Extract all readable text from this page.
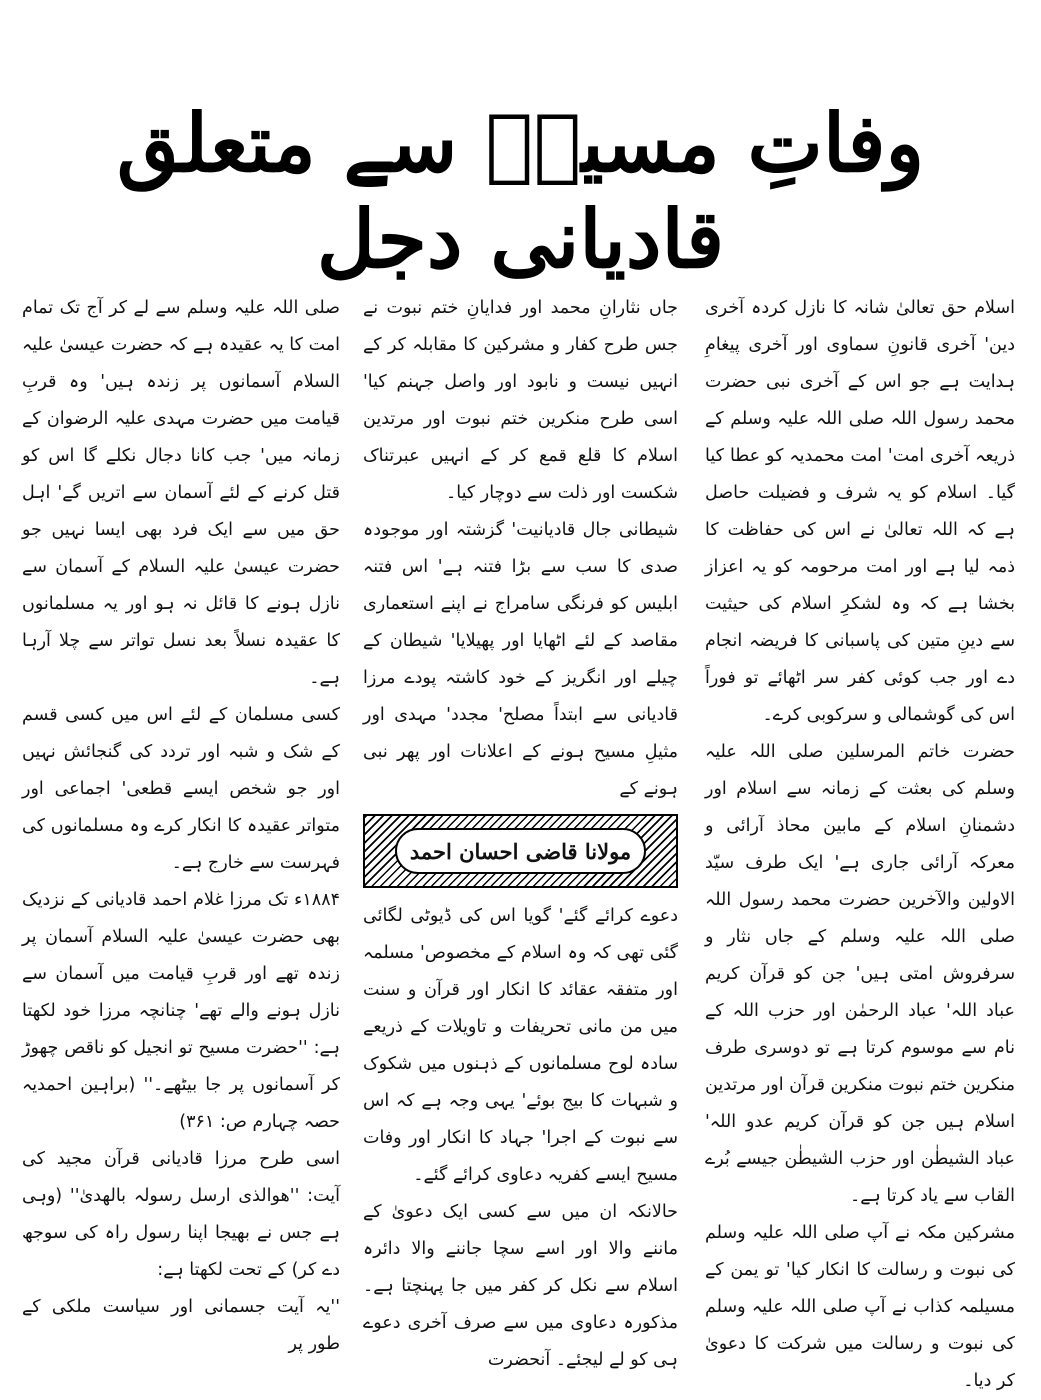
وفاتِ مسیحؑ سے متعلق قادیانی دجل

اسلام حق تعالیٰ شانہ کا نازل کردہ آخری دین' آخری قانونِ سماوی اور آخری پیغامِ ہدایت ہے جو اس کے آخری نبی حضرت محمد رسول اللہ صلی اللہ علیہ وسلم کے ذریعہ آخری امت' امت محمدیہ کو عطا کیا گیا۔ اسلام کو یہ شرف و فضیلت حاصل ہے کہ اللہ تعالیٰ نے اس کی حفاظت کا ذمہ لیا ہے اور امت مرحومہ کو یہ اعزاز بخشا ہے کہ وہ لشکرِ اسلام کی حیثیت سے دینِ متین کی پاسبانی کا فریضہ انجام دے اور جب کوئی کفر سر اٹھائے تو فوراً اس کی گوشمالی و سرکوبی کرے۔

حضرت خاتم المرسلین صلی اللہ علیہ وسلم کی بعثت کے زمانہ سے اسلام اور دشمنانِ اسلام کے مابین محاذ آرائی و معرکہ آرائی جاری ہے' ایک طرف سیّد الاولین والآخرین حضرت محمد رسول اللہ صلی اللہ علیہ وسلم کے جاں نثار و سرفروش امتی ہیں' جن کو قرآن کریم عباد اللہ' عباد الرحمٰن اور حزب اللہ کے نام سے موسوم کرتا ہے تو دوسری طرف منکرین ختم نبوت منکرین قرآن اور مرتدین اسلام ہیں جن کو قرآن کریم عدو اللہ' عباد الشیطٰن اور حزب الشیطٰن جیسے بُرے القاب سے یاد کرتا ہے۔

مشرکین مکہ نے آپ صلی اللہ علیہ وسلم کی نبوت و رسالت کا انکار کیا' تو یمن کے مسیلمہ کذاب نے آپ صلی اللہ علیہ وسلم کی نبوت و رسالت میں شرکت کا دعویٰ کر دیا۔

جاں نثارانِ محمد اور فدایانِ ختم نبوت نے جس طرح کفار و مشرکین کا مقابلہ کر کے انہیں نیست و نابود اور واصل جہنم کیا' اسی طرح منکرین ختم نبوت اور مرتدین اسلام کا قلع قمع کر کے انہیں عبرتناک شکست اور ذلت سے دوچار کیا۔

شیطانی جال قادیانیت' گزشتہ اور موجودہ صدی کا سب سے بڑا فتنہ ہے' اس فتنہ ابلیس کو فرنگی سامراج نے اپنے استعماری مقاصد کے لئے اٹھایا اور پھیلایا' شیطان کے چیلے اور انگریز کے خود کاشتہ پودے مرزا قادیانی سے ابتداً مصلح' مجدد' مہدی اور مثیلِ مسیح ہونے کے اعلانات اور پھر نبی ہونے کے

مولانا قاضی احسان احمد

دعوے کرائے گئے' گویا اس کی ڈیوٹی لگائی گئی تھی کہ وہ اسلام کے مخصوص' مسلمہ اور متفقہ عقائد کا انکار اور قرآن و سنت میں من مانی تحریفات و تاویلات کے ذریعے سادہ لوح مسلمانوں کے ذہنوں میں شکوک و شبہات کا بیج بوئے' یہی وجہ ہے کہ اس سے نبوت کے اجرا' جہاد کا انکار اور وفات مسیح ایسے کفریہ دعاوی کرائے گئے۔

حالانکہ ان میں سے کسی ایک دعویٰ کے ماننے والا اور اسے سچا جاننے والا دائرہ اسلام سے نکل کر کفر میں جا پہنچتا ہے۔ مذکورہ دعاوی میں سے صرف آخری دعوے ہی کو لے لیجئے۔ آنحضرت

صلی اللہ علیہ وسلم سے لے کر آج تک تمام امت کا یہ عقیدہ ہے کہ حضرت عیسیٰ علیہ السلام آسمانوں پر زندہ ہیں' وہ قربِ قیامت میں حضرت مہدی علیہ الرضوان کے زمانہ میں' جب کانا دجال نکلے گا اس کو قتل کرنے کے لئے آسمان سے اتریں گے' اہل حق میں سے ایک فرد بھی ایسا نہیں جو حضرت عیسیٰ علیہ السلام کے آسمان سے نازل ہونے کا قائل نہ ہو اور یہ مسلمانوں کا عقیدہ نسلاً بعد نسل تواتر سے چلا آرہا ہے۔

کسی مسلمان کے لئے اس میں کسی قسم کے شک و شبہ اور تردد کی گنجائش نہیں اور جو شخص ایسے قطعی' اجماعی اور متواتر عقیدہ کا انکار کرے وہ مسلمانوں کی فہرست سے خارج ہے۔

۱۸۸۴ء تک مرزا غلام احمد قادیانی کے نزدیک بھی حضرت عیسیٰ علیہ السلام آسمان پر زندہ تھے اور قربِ قیامت میں آسمان سے نازل ہونے والے تھے' چنانچہ مرزا خود لکھتا ہے: ''حضرت مسیح تو انجیل کو ناقص چھوڑ کر آسمانوں پر جا بیٹھے۔'' (براہین احمدیہ حصہ چہارم ص: ۳۶۱)

اسی طرح مرزا قادیانی قرآن مجید کی آیت: ''ھوالذی ارسل رسولہ بالھدیٰ'' (وہی ہے جس نے بھیجا اپنا رسول راہ کی سوجھ دے کر) کے تحت لکھتا ہے:

''یہ آیت جسمانی اور سیاست ملکی کے طور پر
